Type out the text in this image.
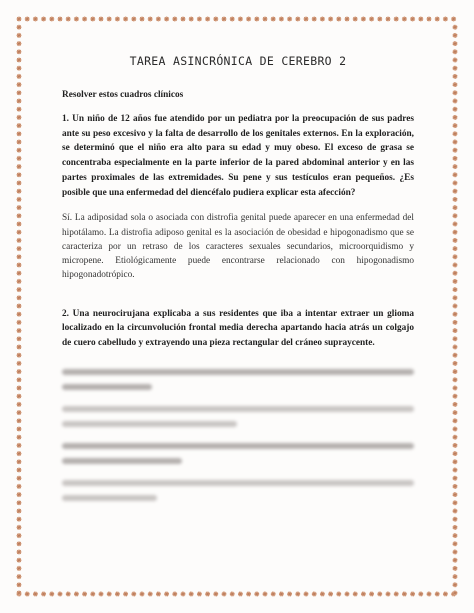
TAREA ASINCRÓNICA DE CEREBRO 2
Resolver estos cuadros clínicos

1. Un niño de 12 años fue atendido por un pediatra por la preocupación de sus padres ante su peso excesivo y la falta de desarrollo de los genitales externos. En la exploración, se determinó que el niño era alto para su edad y muy obeso. El exceso de grasa se concentraba especialmente en la parte inferior de la pared abdominal anterior y en las partes proximales de las extremidades. Su pene y sus testículos eran pequeños. ¿Es posible que una enfermedad del diencéfalo pudiera explicar esta afección?

Sí. La adiposidad sola o asociada con distrofia genital puede aparecer en una enfermedad del hipotálamo. La distrofia adiposo genital es la asociación de obesidad e hipogonadismo que se caracteriza por un retraso de los caracteres sexuales secundarios, microorquidismo y micropene. Etiológicamente puede encontrarse relacionado con hipogonadismo hipogonadotrópico.

2. Una neurocirujana explicaba a sus residentes que iba a intentar extraer un glioma localizado en la circunvolución frontal media derecha apartando hacia atrás un colgajo de cuero cabelludo y extrayendo una pieza rectangular del cráneo supraycente.
